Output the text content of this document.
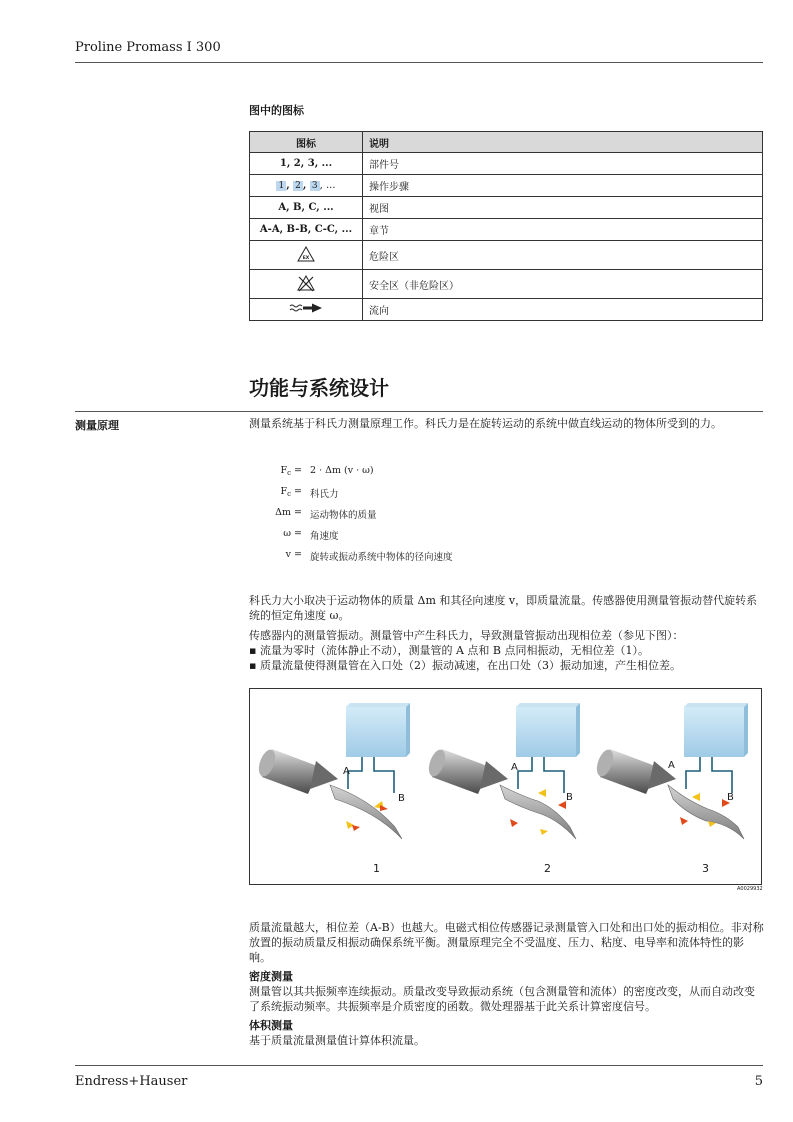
Proline Promass I 300
图中的图标
图标	说明
1, 2, 3, ...	部件号
1 , 2 , 3 , ...	操作步骤
A, B, C, ...	视图
A-A, B-B, C-C, ...	章节

EX	危险区
	安全区（非危险区）
	流向
功能与系统设计
测量原理	测量系统基于科氏力测量原理工作。科氏力是在旋转运动的系统中做直线运动的物体所受到的力。
$F_c = 2 \cdot \Delta m$ (v · ω)
$F_c$ = 科氏力
Δm = 运动物体的质量
ω = 角速度
v = 旋转或振动系统中物体的径向速度
科氏力大小取决于运动物体的质量 Δm 和其径向速度 v，即质量流量。传感器使用测量管振动替代旋转系统的恒定角速度 ω。
传感器内的测量管振动。测量管中产生科氏力，导致测量管振动出现相位差（参见下图）：
▪ 流量为零时（流体静止不动），测量管的 A 点和 B 点同相振动，无相位差（1）。
▪ 质量流量使得测量管在入口处（2）振动减速，在出口处（3）振动加速，产生相位差。
A
B
A
B
A
B
1	2	3
A0029932
质量流量越大，相位差（A-B）也越大。电磁式相位传感器记录测量管入口处和出口处的振动相位。非对称放置的振动质量反相振动确保系统平衡。测量原理完全不受温度、压力、粘度、电导率和流体特性的影响。
密度测量
测量管以其共振频率连续振动。质量改变导致振动系统（包含测量管和流体）的密度改变，从而自动改变了系统振动频率。共振频率是介质密度的函数。微处理器基于此关系计算密度信号。
体积测量
基于质量流量测量值计算体积流量。
Endress+Hauser	5
